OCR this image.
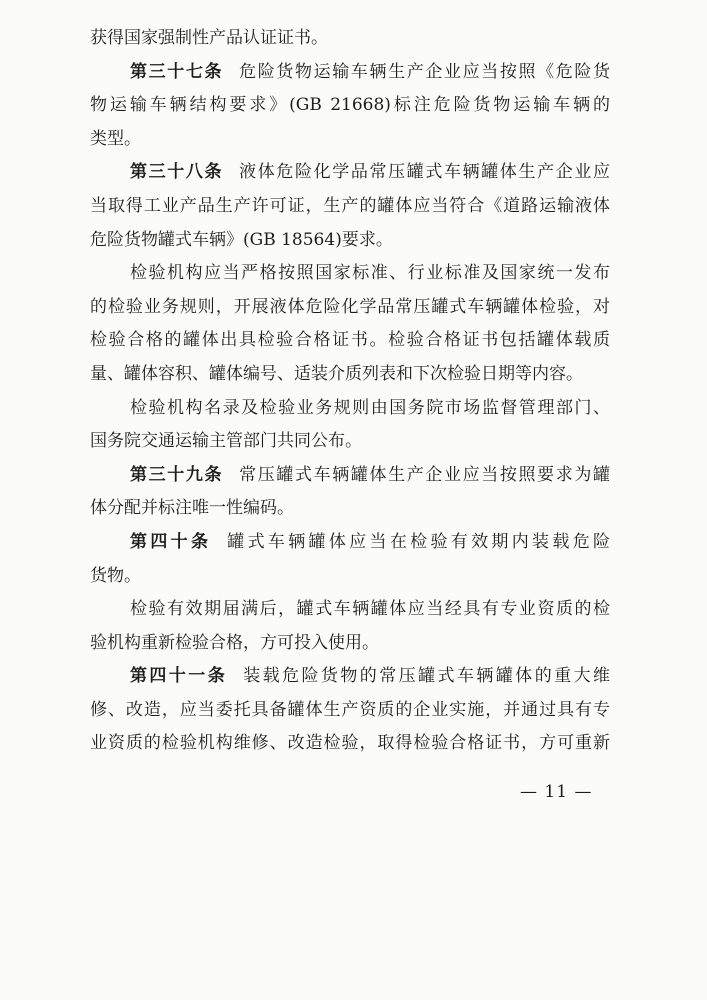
获得国家强制性产品认证证书。
第三十七条 危险货物运输车辆生产企业应当按照《危险货
物运输车辆结构要求》(GB 21668)标注危险货物运输车辆的
类型。
第三十八条 液体危险化学品常压罐式车辆罐体生产企业应
当取得工业产品生产许可证，生产的罐体应当符合《道路运输液体
危险货物罐式车辆》(GB 18564)要求。
检验机构应当严格按照国家标准、行业标准及国家统一发布
的检验业务规则，开展液体危险化学品常压罐式车辆罐体检验，对
检验合格的罐体出具检验合格证书。检验合格证书包括罐体载质
量、罐体容积、罐体编号、适装介质列表和下次检验日期等内容。
检验机构名录及检验业务规则由国务院市场监督管理部门、
国务院交通运输主管部门共同公布。
第三十九条 常压罐式车辆罐体生产企业应当按照要求为罐
体分配并标注唯一性编码。
第四十条 罐式车辆罐体应当在检验有效期内装载危险
货物。
检验有效期届满后，罐式车辆罐体应当经具有专业资质的检
验机构重新检验合格，方可投入使用。
第四十一条 装载危险货物的常压罐式车辆罐体的重大维
修、改造，应当委托具备罐体生产资质的企业实施，并通过具有专
业资质的检验机构维修、改造检验，取得检验合格证书，方可重新
— 11 —
